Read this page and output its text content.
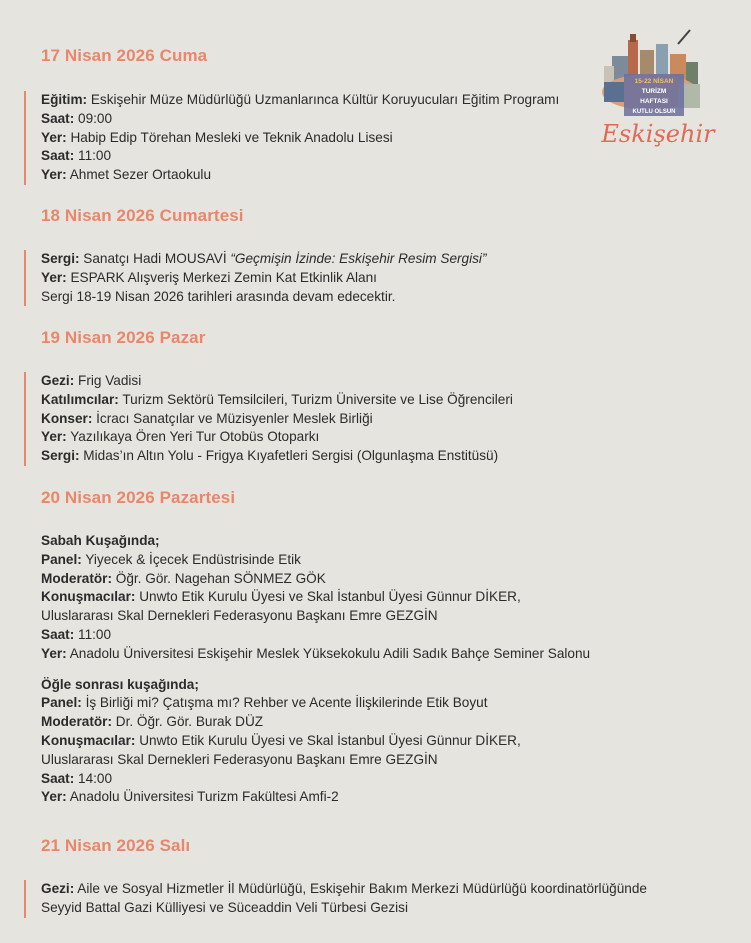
15-22 NİSAN
TURİZM
HAFTASI
KUTLU OLSUN
Eskişehir
17 Nisan 2026 Cuma
Eğitim: Eskişehir Müze Müdürlüğü Uzmanlarınca Kültür Koruyucuları Eğitim Programı
Saat: 09:00
Yer: Habip Edip Törehan Mesleki ve Teknik Anadolu Lisesi
Saat: 11:00
Yer: Ahmet Sezer Ortaokulu
18 Nisan 2026 Cumartesi
Sergi: Sanatçı Hadi MOUSAVİ “Geçmişin İzinde: Eskişehir Resim Sergisi”
Yer: ESPARK Alışveriş Merkezi Zemin Kat Etkinlik Alanı
Sergi 18-19 Nisan 2026 tarihleri arasında devam edecektir.
19 Nisan 2026 Pazar
Gezi: Frig Vadisi
Katılımcılar: Turizm Sektörü Temsilcileri, Turizm Üniversite ve Lise Öğrencileri
Konser: İcracı Sanatçılar ve Müzisyenler Meslek Birliği
Yer: Yazılıkaya Ören Yeri Tur Otobüs Otoparkı
Sergi: Midas’ın Altın Yolu - Frigya Kıyafetleri Sergisi (Olgunlaşma Enstitüsü)
20 Nisan 2026 Pazartesi
Sabah Kuşağında;
Panel: Yiyecek & İçecek Endüstrisinde Etik
Moderatör: Öğr. Gör. Nagehan SÖNMEZ GÖK
Konuşmacılar: Unwto Etik Kurulu Üyesi ve Skal İstanbul Üyesi Günnur DİKER,
Uluslararası Skal Dernekleri Federasyonu Başkanı Emre GEZGİN
Saat: 11:00
Yer: Anadolu Üniversitesi Eskişehir Meslek Yüksekokulu Adili Sadık Bahçe Seminer Salonu
Öğle sonrası kuşağında;
Panel: İş Birliği mi? Çatışma mı? Rehber ve Acente İlişkilerinde Etik Boyut
Moderatör: Dr. Öğr. Gör. Burak DÜZ
Konuşmacılar: Unwto Etik Kurulu Üyesi ve Skal İstanbul Üyesi Günnur DİKER,
Uluslararası Skal Dernekleri Federasyonu Başkanı Emre GEZGİN
Saat: 14:00
Yer: Anadolu Üniversitesi Turizm Fakültesi Amfi-2
21 Nisan 2026 Salı
Gezi: Aile ve Sosyal Hizmetler İl Müdürlüğü, Eskişehir Bakım Merkezi Müdürlüğü koordinatörlüğünde
Seyyid Battal Gazi Külliyesi ve Süceaddin Veli Türbesi Gezisi
